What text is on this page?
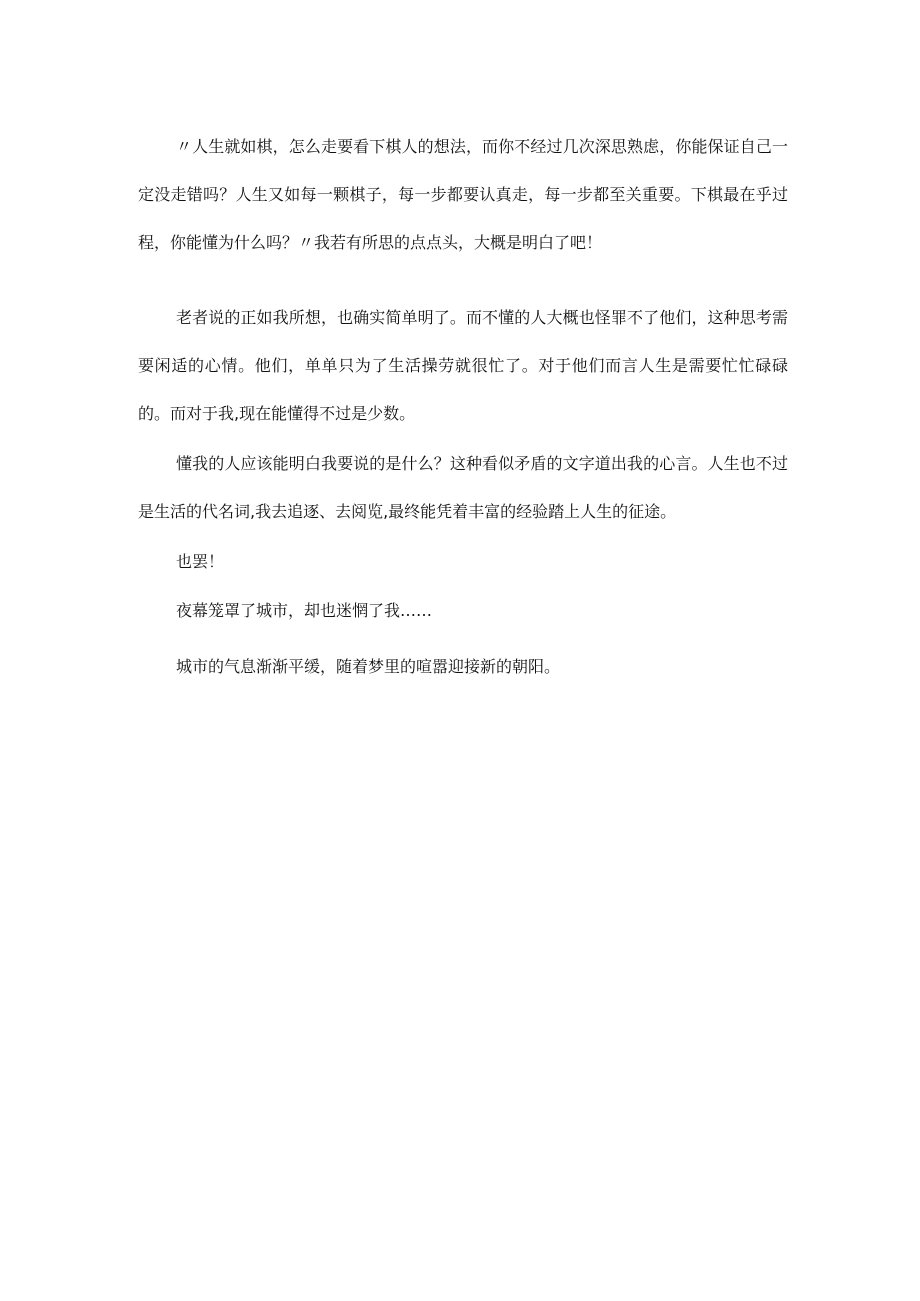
〃人生就如棋，怎么走要看下棋人的想法，而你不经过几次深思熟虑，你能保证自己一定没走错吗？人生又如每一颗棋子，每一步都要认真走，每一步都至关重要。下棋最在乎过程，你能懂为什么吗？〃我若有所思的点点头，大概是明白了吧！

老者说的正如我所想，也确实简单明了。而不懂的人大概也怪罪不了他们，这种思考需要闲适的心情。他们，单单只为了生活操劳就很忙了。对于他们而言人生是需要忙忙碌碌的。而对于我,现在能懂得不过是少数。

懂我的人应该能明白我要说的是什么？这种看似矛盾的文字道出我的心言。人生也不过是生活的代名词,我去追逐、去阅览,最终能凭着丰富的经验踏上人生的征途。

也罢！

夜幕笼罩了城市，却也迷惘了我……

城市的气息渐渐平缓，随着梦里的喧嚣迎接新的朝阳。
